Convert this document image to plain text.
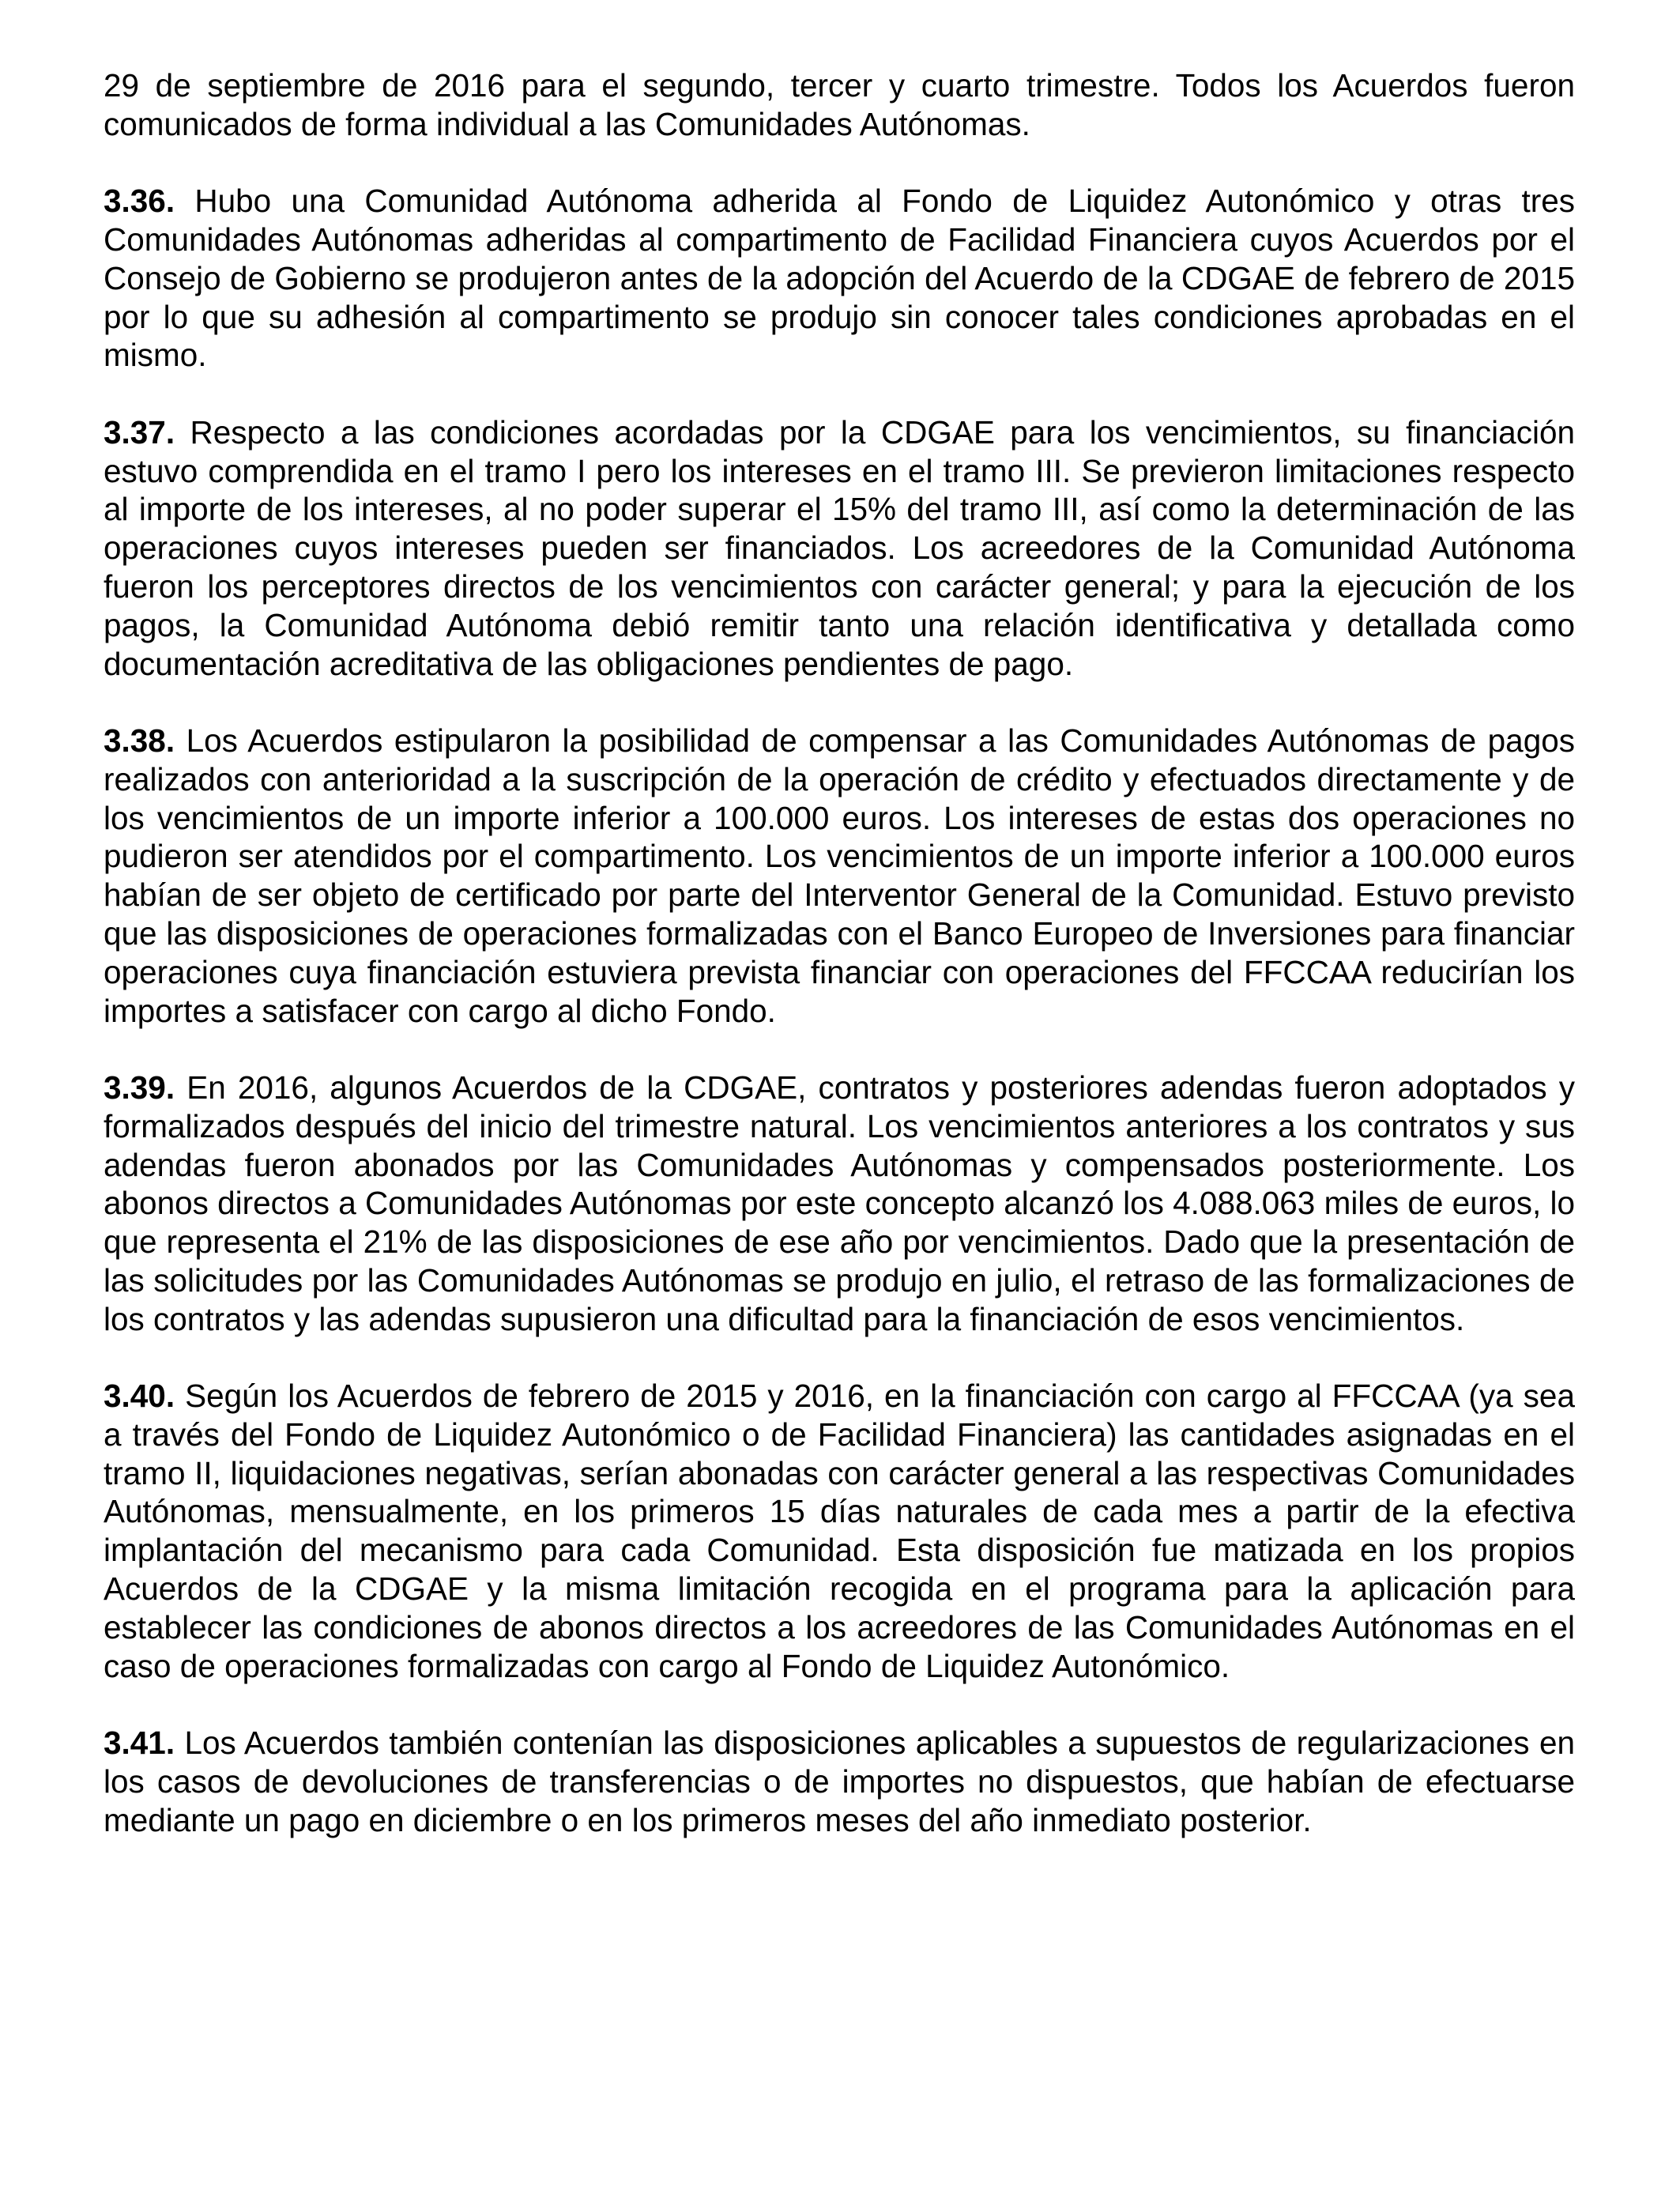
29 de septiembre de 2016 para el segundo, tercer y cuarto trimestre. Todos los Acuerdos fueron comunicados de forma individual a las Comunidades Autónomas.

3.36. Hubo una Comunidad Autónoma adherida al Fondo de Liquidez Autonómico y otras tres Comunidades Autónomas adheridas al compartimento de Facilidad Financiera cuyos Acuerdos por el Consejo de Gobierno se produjeron antes de la adopción del Acuerdo de la CDGAE de febrero de 2015 por lo que su adhesión al compartimento se produjo sin conocer tales condiciones aprobadas en el mismo.

3.37. Respecto a las condiciones acordadas por la CDGAE para los vencimientos, su financiación estuvo comprendida en el tramo I pero los intereses en el tramo III. Se previeron limitaciones respecto al importe de los intereses, al no poder superar el 15% del tramo III, así como la determinación de las operaciones cuyos intereses pueden ser financiados. Los acreedores de la Comunidad Autónoma fueron los perceptores directos de los vencimientos con carácter general; y para la ejecución de los pagos, la Comunidad Autónoma debió remitir tanto una relación identificativa y detallada como documentación acreditativa de las obligaciones pendientes de pago.

3.38. Los Acuerdos estipularon la posibilidad de compensar a las Comunidades Autónomas de pagos realizados con anterioridad a la suscripción de la operación de crédito y efectuados directamente y de los vencimientos de un importe inferior a 100.000 euros. Los intereses de estas dos operaciones no pudieron ser atendidos por el compartimento. Los vencimientos de un importe inferior a 100.000 euros habían de ser objeto de certificado por parte del Interventor General de la Comunidad. Estuvo previsto que las disposiciones de operaciones formalizadas con el Banco Europeo de Inversiones para financiar operaciones cuya financiación estuviera prevista financiar con operaciones del FFCCAA reducirían los importes a satisfacer con cargo al dicho Fondo.

3.39. En 2016, algunos Acuerdos de la CDGAE, contratos y posteriores adendas fueron adoptados y formalizados después del inicio del trimestre natural. Los vencimientos anteriores a los contratos y sus adendas fueron abonados por las Comunidades Autónomas y compensados posteriormente. Los abonos directos a Comunidades Autónomas por este concepto alcanzó los 4.088.063 miles de euros, lo que representa el 21% de las disposiciones de ese año por vencimientos. Dado que la presentación de las solicitudes por las Comunidades Autónomas se produjo en julio, el retraso de las formalizaciones de los contratos y las adendas supusieron una dificultad para la financiación de esos vencimientos.

3.40. Según los Acuerdos de febrero de 2015 y 2016, en la financiación con cargo al FFCCAA (ya sea a través del Fondo de Liquidez Autonómico o de Facilidad Financiera) las cantidades asignadas en el tramo II, liquidaciones negativas, serían abonadas con carácter general a las respectivas Comunidades Autónomas, mensualmente, en los primeros 15 días naturales de cada mes a partir de la efectiva implantación del mecanismo para cada Comunidad. Esta disposición fue matizada en los propios Acuerdos de la CDGAE y la misma limitación recogida en el programa para la aplicación para establecer las condiciones de abonos directos a los acreedores de las Comunidades Autónomas en el caso de operaciones formalizadas con cargo al Fondo de Liquidez Autonómico.

3.41. Los Acuerdos también contenían las disposiciones aplicables a supuestos de regularizaciones en los casos de devoluciones de transferencias o de importes no dispuestos, que habían de efectuarse mediante un pago en diciembre o en los primeros meses del año inmediato posterior.
